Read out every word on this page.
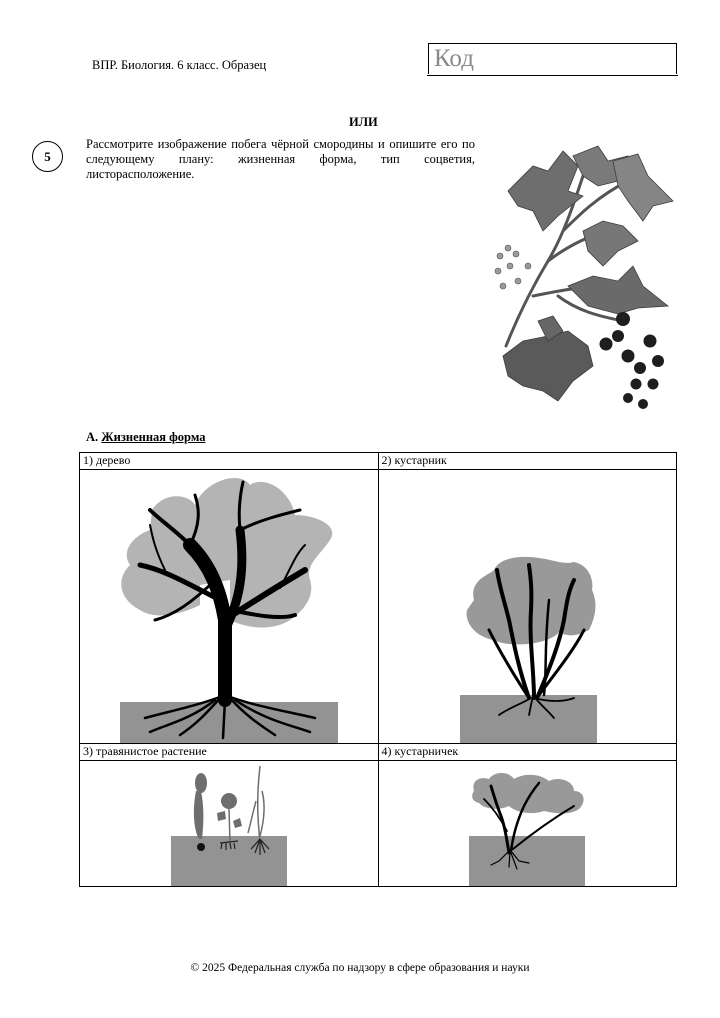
ВПР. Биология. 6 класс. Образец	Код
ИЛИ
5
Рассмотрите изображение побега чёрной смородины и опишите его по следующему плану: жизненная форма, тип соцветия, листорасположение.
А. Жизненная форма
1) дерево	2) кустарник

3) травянистое растение	4) кустарничек

© 2025 Федеральная служба по надзору в сфере образования и науки
